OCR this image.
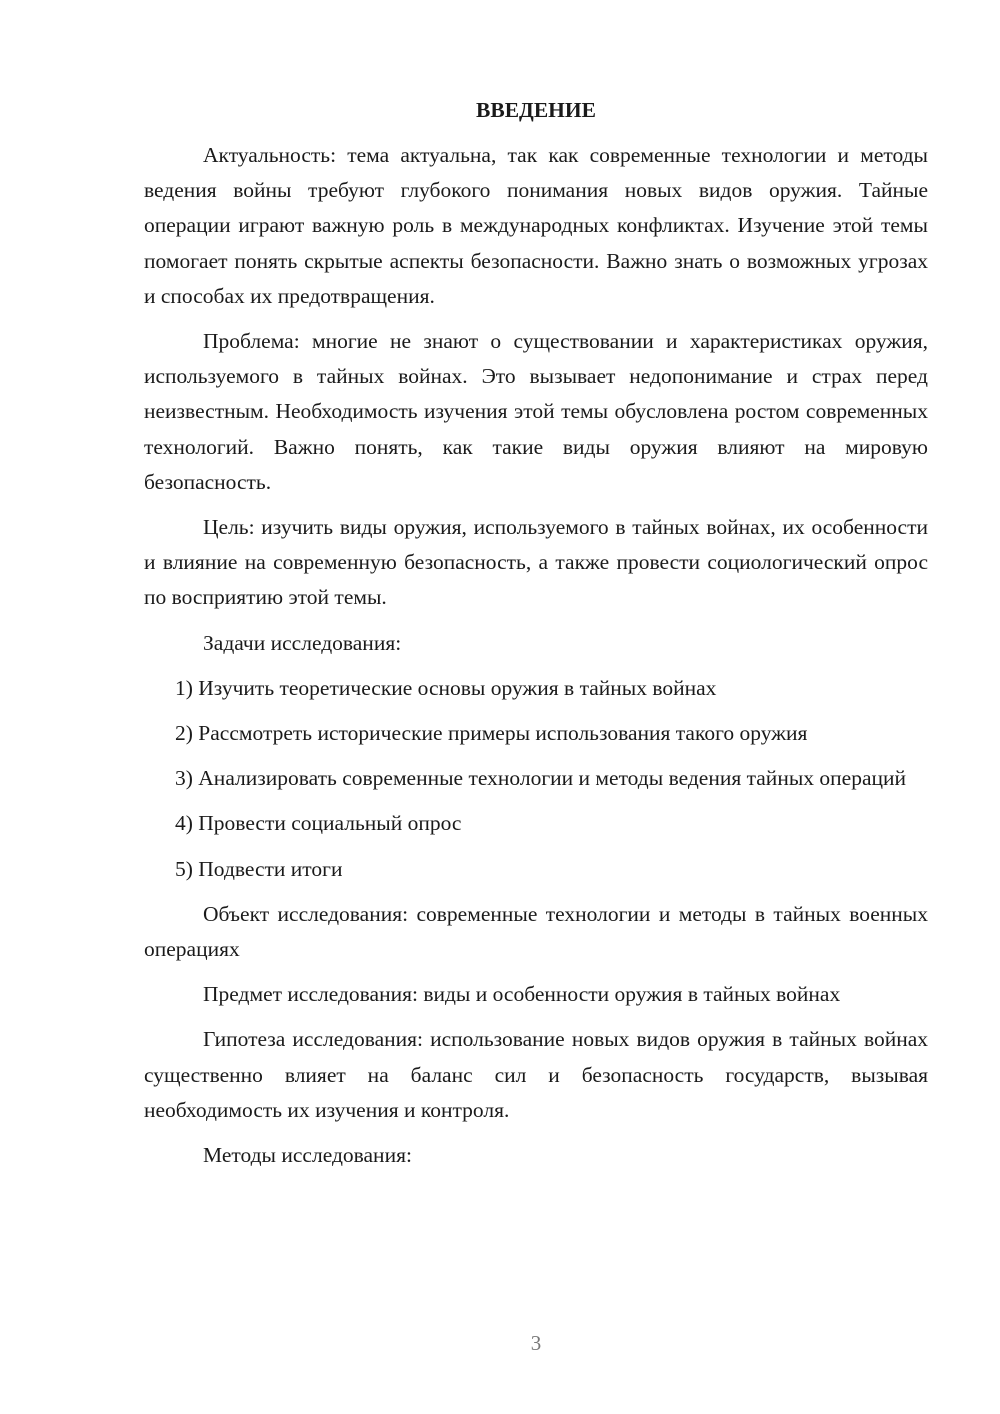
ВВЕДЕНИЕ

Актуальность: тема актуальна, так как современные технологии и методы ведения войны требуют глубокого понимания новых видов оружия. Тайные операции играют важную роль в международных конфликтах. Изучение этой темы помогает понять скрытые аспекты безопасности. Важно знать о возможных угрозах и способах их предотвращения.

Проблема: многие не знают о существовании и характеристиках оружия, используемого в тайных войнах. Это вызывает недопонимание и страх перед неизвестным. Необходимость изучения этой темы обусловлена ростом современных технологий. Важно понять, как такие виды оружия влияют на мировую безопасность.

Цель: изучить виды оружия, используемого в тайных войнах, их особенности и влияние на современную безопасность, а также провести социологический опрос по восприятию этой темы.

Задачи исследования:

1) Изучить теоретические основы оружия в тайных войнах

2) Рассмотреть исторические примеры использования такого оружия

3) Анализировать современные технологии и методы ведения тайных операций

4) Провести социальный опрос

5) Подвести итоги

Объект исследования: современные технологии и методы в тайных военных операциях

Предмет исследования: виды и особенности оружия в тайных войнах

Гипотеза исследования: использование новых видов оружия в тайных войнах существенно влияет на баланс сил и безопасность государств, вызывая необходимость их изучения и контроля.

Методы исследования:

3
